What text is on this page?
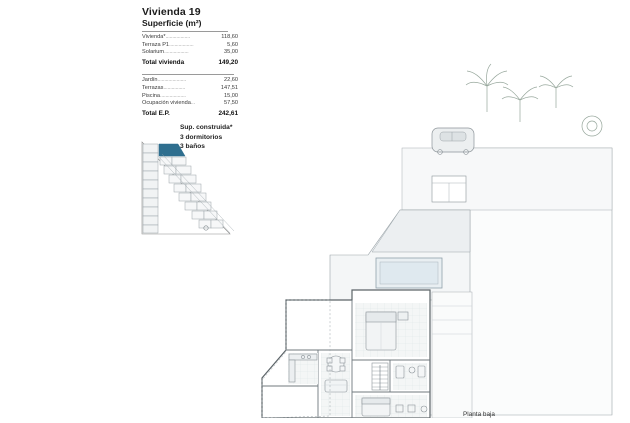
Vivienda 19
Superficie (m²)
Vivienda*..................	118,60
Terraza P1..................	5,60
Solarium..................	35,00
Total vivienda	149,20
Jardín.....................	22,60
Terrazas................	147,51
Piscina...................	15,00
Ocupación vivienda...	57,50
Total E.P.	242,61
Sup. construida*
3 dormitorios
3 baños
Planta baja
